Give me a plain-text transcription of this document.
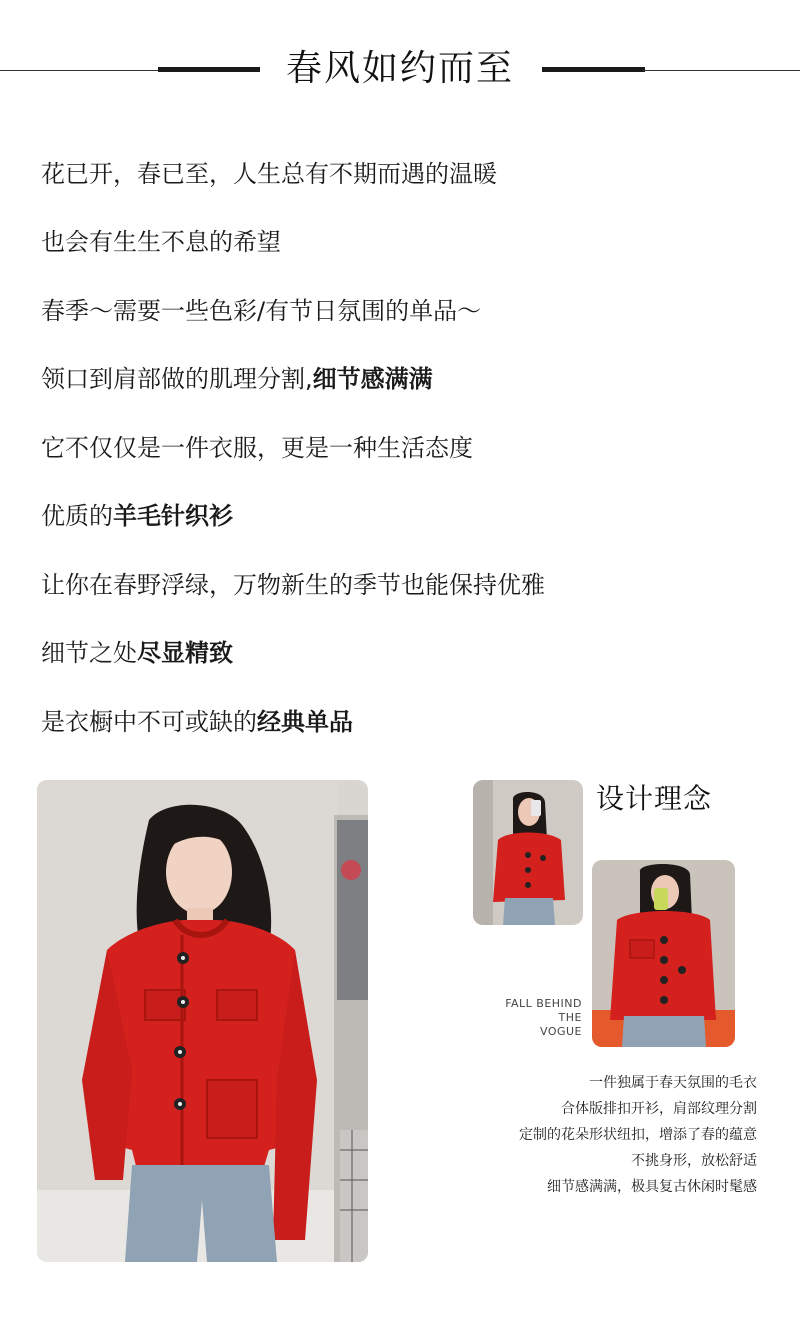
春风如约而至
花已开，春已至，人生总有不期而遇的温暖
也会有生生不息的希望
春季～需要一些色彩/有节日氛围的单品～
领口到肩部做的肌理分割,细节感满满
它不仅仅是一件衣服，更是一种生活态度
优质的羊毛针织衫
让你在春野浮绿，万物新生的季节也能保持优雅
细节之处尽显精致
是衣橱中不可或缺的经典单品
设计理念
FALL BEHIND
THE
VOGUE
一件独属于春天氛围的毛衣
合体版排扣开衫，肩部纹理分割
定制的花朵形状纽扣，增添了春的蕴意
不挑身形，放松舒适
细节感满满，极具复古休闲时髦感
